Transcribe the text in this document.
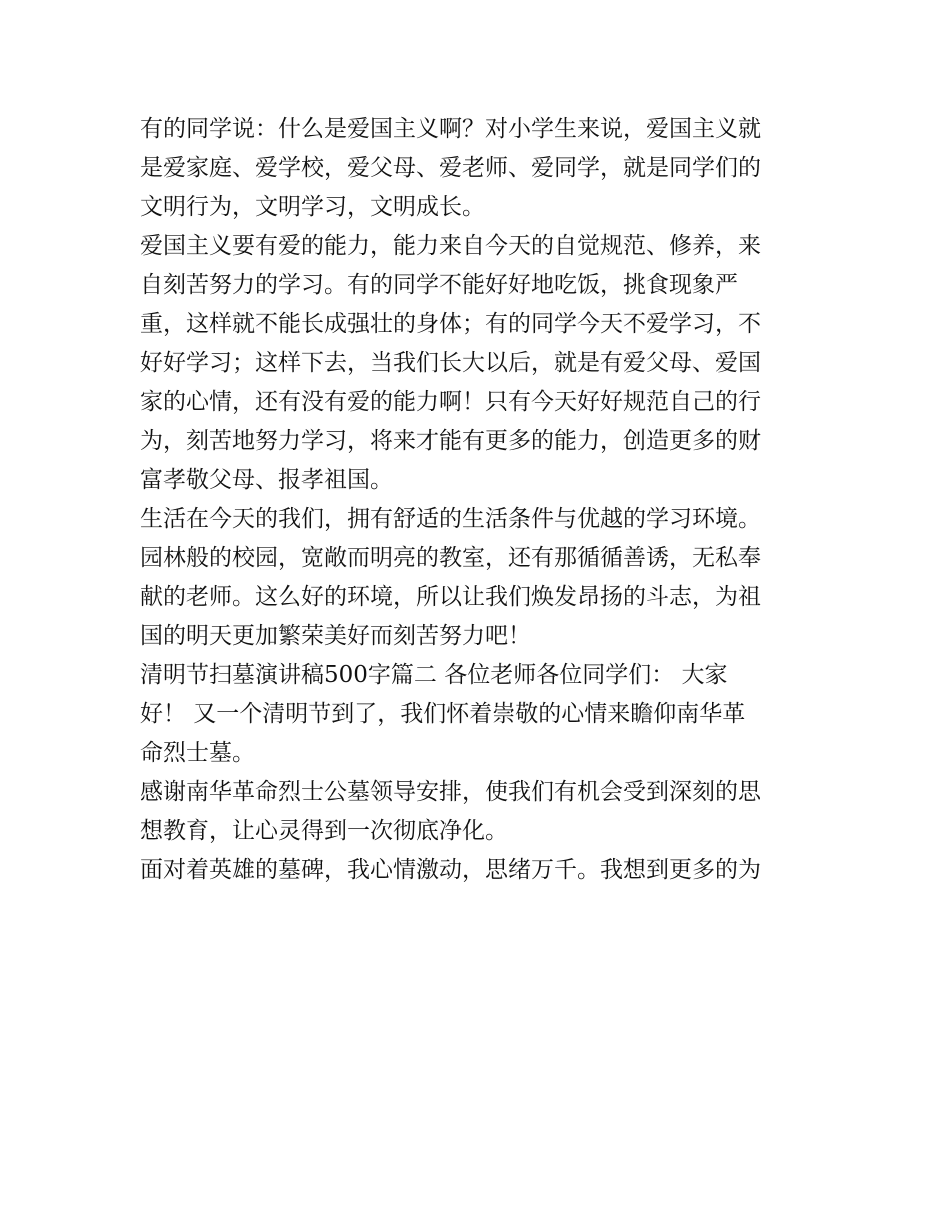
有的同学说：什么是爱国主义啊？对小学生来说，爱国主义就
是爱家庭、爱学校，爱父母、爱老师、爱同学，就是同学们的
文明行为，文明学习，文明成长。
爱国主义要有爱的能力，能力来自今天的自觉规范、修养，来
自刻苦努力的学习。有的同学不能好好地吃饭，挑食现象严
重，这样就不能长成强壮的身体；有的同学今天不爱学习，不
好好学习；这样下去，当我们长大以后，就是有爱父母、爱国
家的心情，还有没有爱的能力啊！只有今天好好规范自己的行
为，刻苦地努力学习，将来才能有更多的能力，创造更多的财
富孝敬父母、报孝祖国。
生活在今天的我们，拥有舒适的生活条件与优越的学习环境。
园林般的校园，宽敞而明亮的教室，还有那循循善诱，无私奉
献的老师。这么好的环境，所以让我们焕发昂扬的斗志，为祖
国的明天更加繁荣美好而刻苦努力吧！
清明节扫墓演讲稿500字篇二 各位老师各位同学们： 大家
好！ 又一个清明节到了，我们怀着崇敬的心情来瞻仰南华革
命烈士墓。
感谢南华革命烈士公墓领导安排，使我们有机会受到深刻的思
想教育，让心灵得到一次彻底净化。
面对着英雄的墓碑，我心情激动，思绪万千。我想到更多的为
